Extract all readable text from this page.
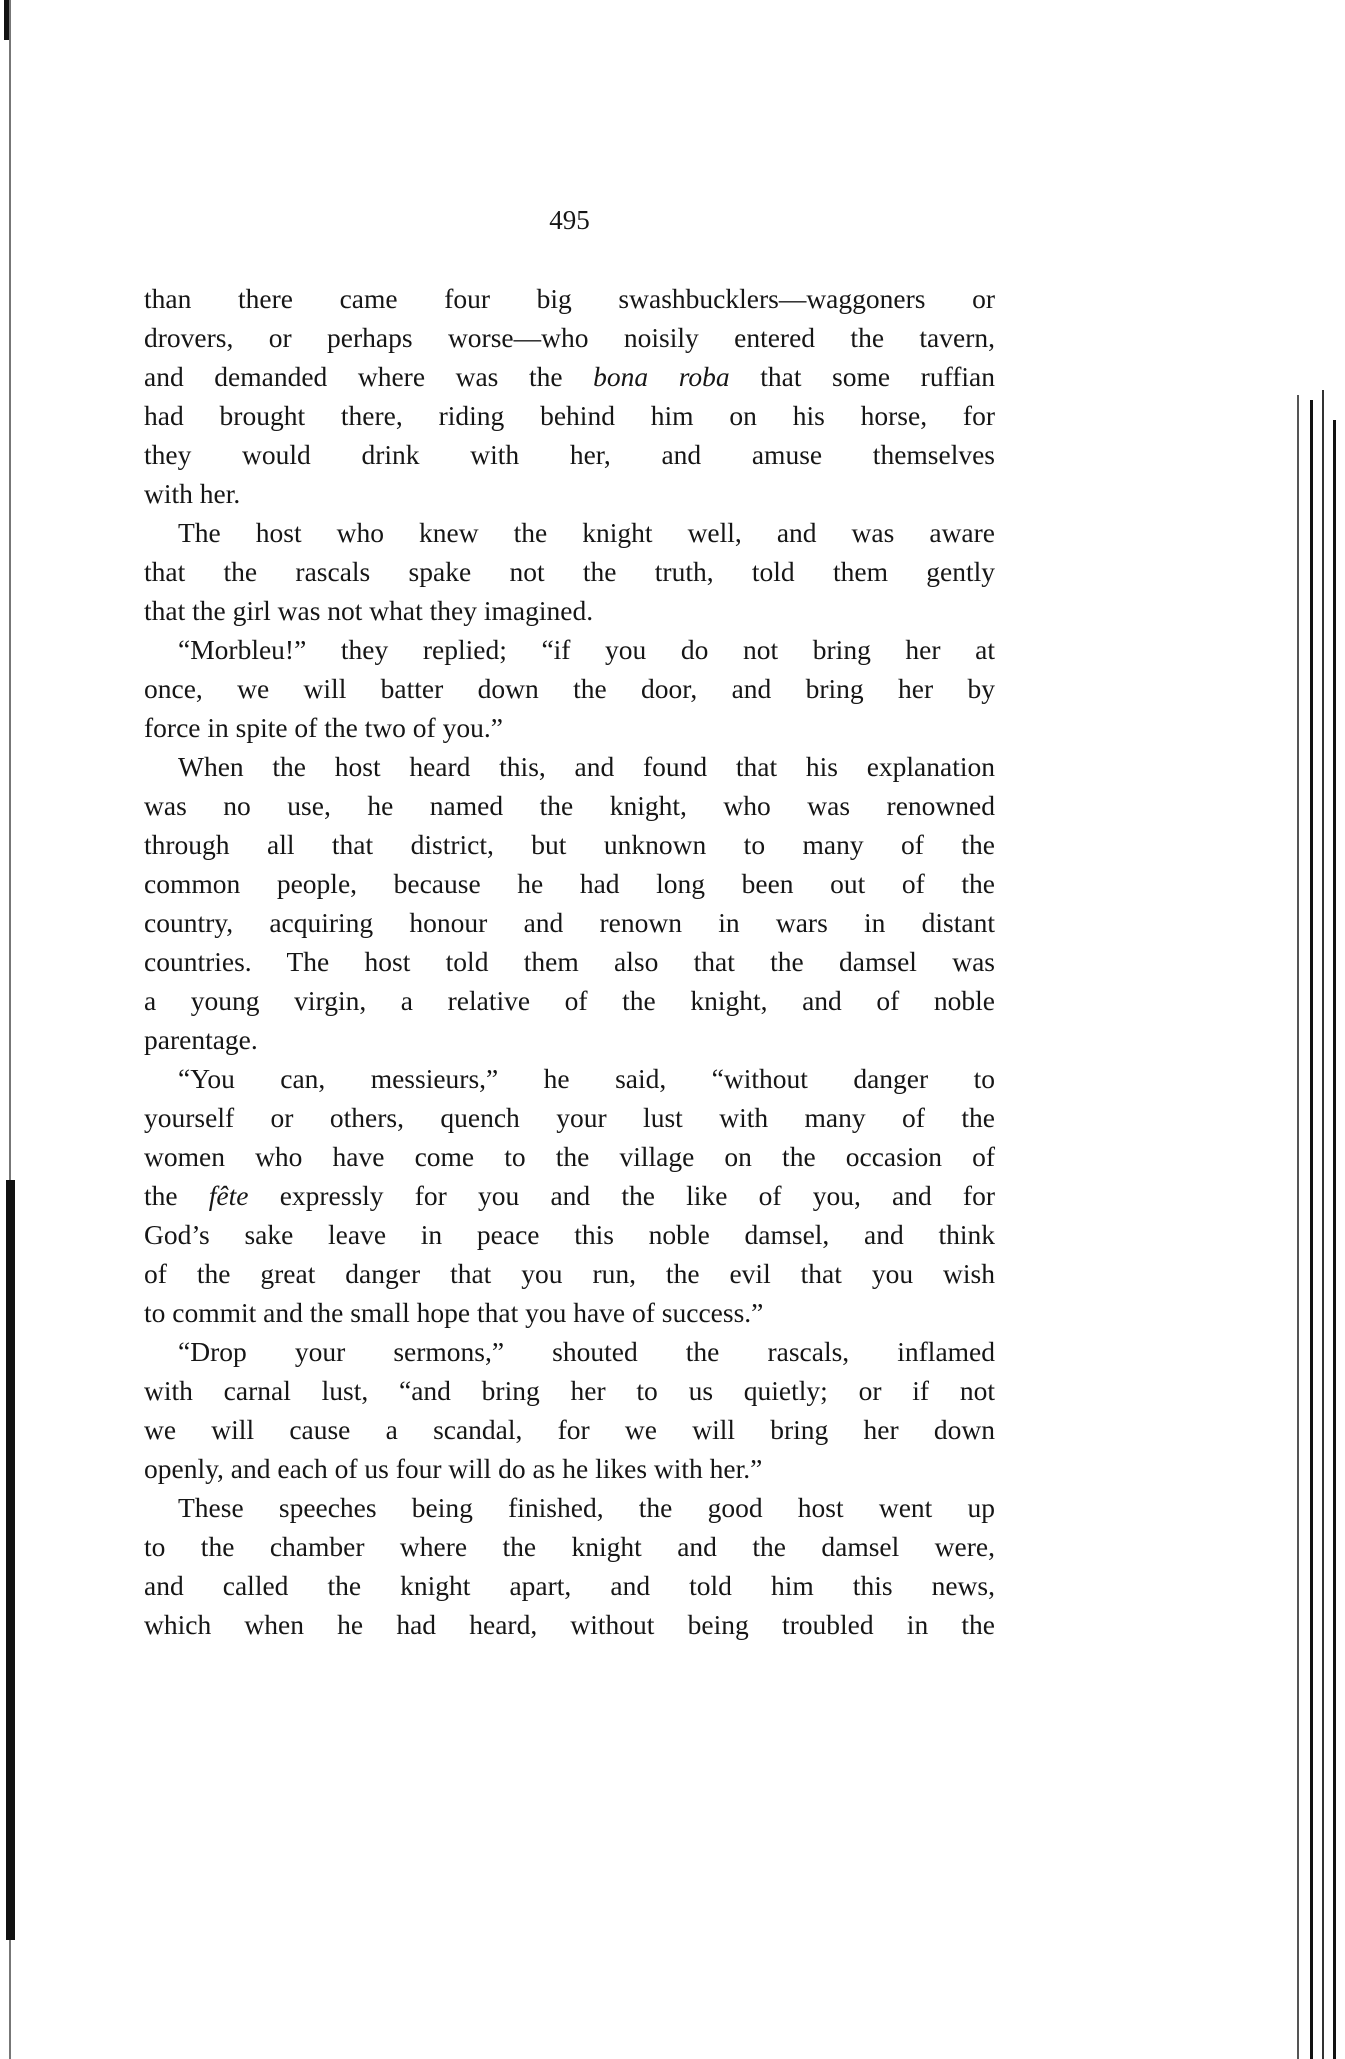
495
than there came four big swashbucklers—waggoners or
drovers, or perhaps worse—who noisily entered the tavern,
and demanded where was the bona roba that some ruffian
had brought there, riding behind him on his horse, for
they would drink with her, and amuse themselves
with her.
The host who knew the knight well, and was aware
that the rascals spake not the truth, told them gently
that the girl was not what they imagined.
“Morbleu!” they replied; “if you do not bring her at
once, we will batter down the door, and bring her by
force in spite of the two of you.”
When the host heard this, and found that his explanation
was no use, he named the knight, who was renowned
through all that district, but unknown to many of the
common people, because he had long been out of the
country, acquiring honour and renown in wars in distant
countries. The host told them also that the damsel was
a young virgin, a relative of the knight, and of noble
parentage.
“You can, messieurs,” he said, “without danger to
yourself or others, quench your lust with many of the
women who have come to the village on the occasion of
the fête expressly for you and the like of you, and for
God’s sake leave in peace this noble damsel, and think
of the great danger that you run, the evil that you wish
to commit and the small hope that you have of success.”
“Drop your sermons,” shouted the rascals, inflamed
with carnal lust, “and bring her to us quietly; or if not
we will cause a scandal, for we will bring her down
openly, and each of us four will do as he likes with her.”
These speeches being finished, the good host went up
to the chamber where the knight and the damsel were,
and called the knight apart, and told him this news,
which when he had heard, without being troubled in the
